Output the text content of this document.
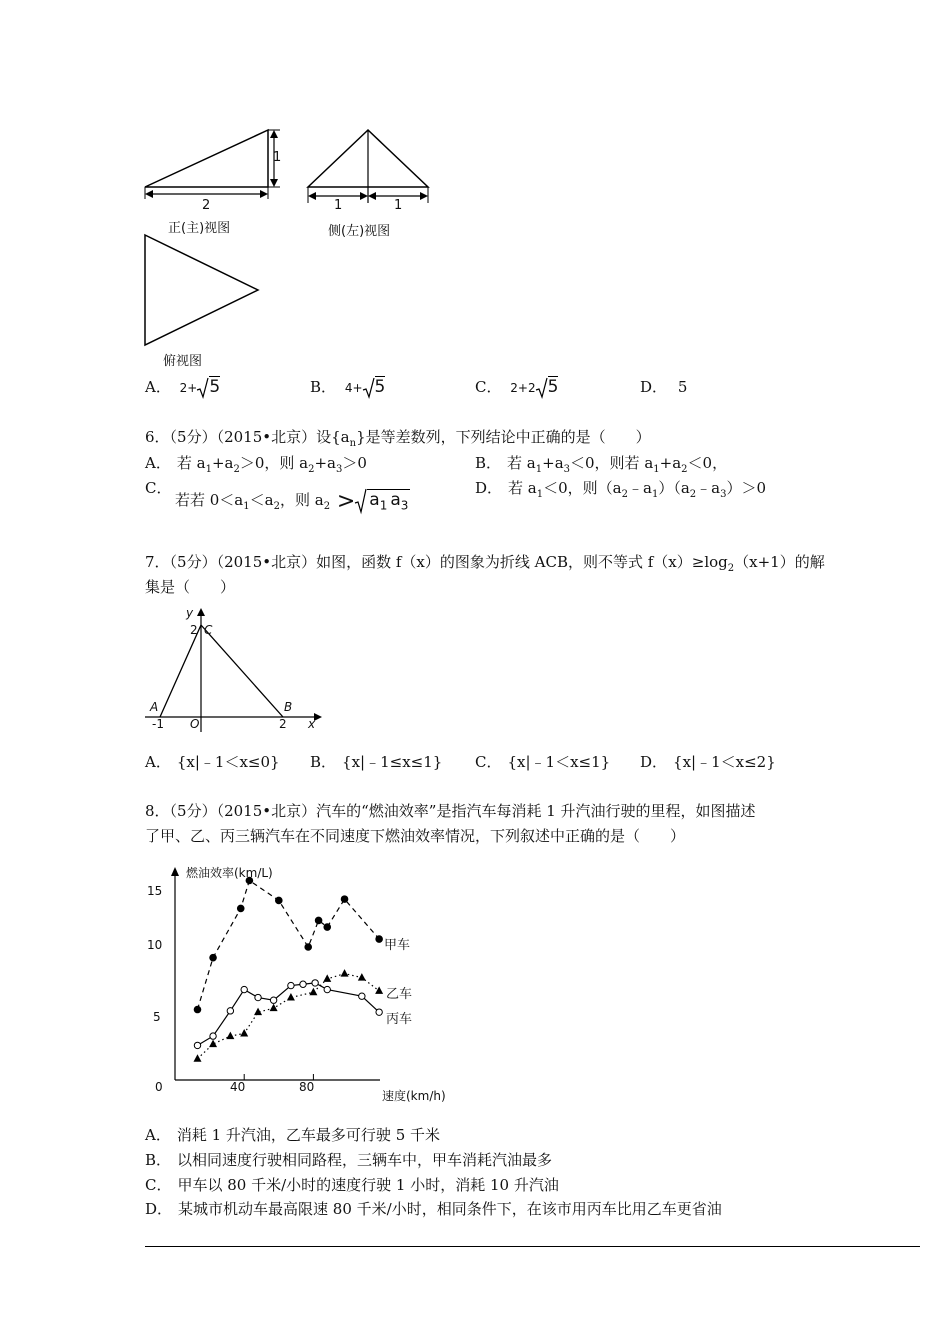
1
2
正(主)视图
1	1
侧(左)视图
俯视图
A． 2+ 5	B． 4+ 5	C． 2+2 5	D． 5
6．（5分）（2015•北京）设$\{a_n\}$是等差数列，下列结论中正确的是（　　）
A． 若 $a_1+a_2>0$，则 $a_2+a_3>0$	B． 若 $a_1+a_3<0$，则若 $a_1+a_2<0$，
C．
若若 $0<a_1<a_2$，则 $a_2 > a_1$ $a_3$
D． 若 $a_1<0$，则$(a_2﹣a_1)(a_2﹣a_3)>0$
7．（5分）（2015•北京）如图，函数 f（x）的图象为折线 ACB，则不等式 $f(x)\ge\log_2(x+1)$的解
集是（　　）
y
C
2
A	B
-1 O	2 x
A． {x|﹣1＜x≤0} B． {x|﹣1≤x≤1} C． {x|﹣1＜x≤1} D． {x|﹣1＜x≤2}
8．（5分）（2015•北京）汽车的“燃油效率”是指汽车每消耗 1 升汽油行驶的里程，如图描述
了甲、乙、丙三辆汽车在不同速度下燃油效率情况，下列叙述中正确的是（　　）
燃油效率(km/L)
速度(km/h)
0
15
10
5
40	80
甲车
乙车
丙车
A． 消耗 1 升汽油，乙车最多可行驶 5 千米
B． 以相同速度行驶相同路程，三辆车中，甲车消耗汽油最多
C． 甲车以 80 千米/小时的速度行驶 1 小时，消耗 10 升汽油
D． 某城市机动车最高限速 80 千米/小时，相同条件下，在该市用丙车比用乙车更省油
